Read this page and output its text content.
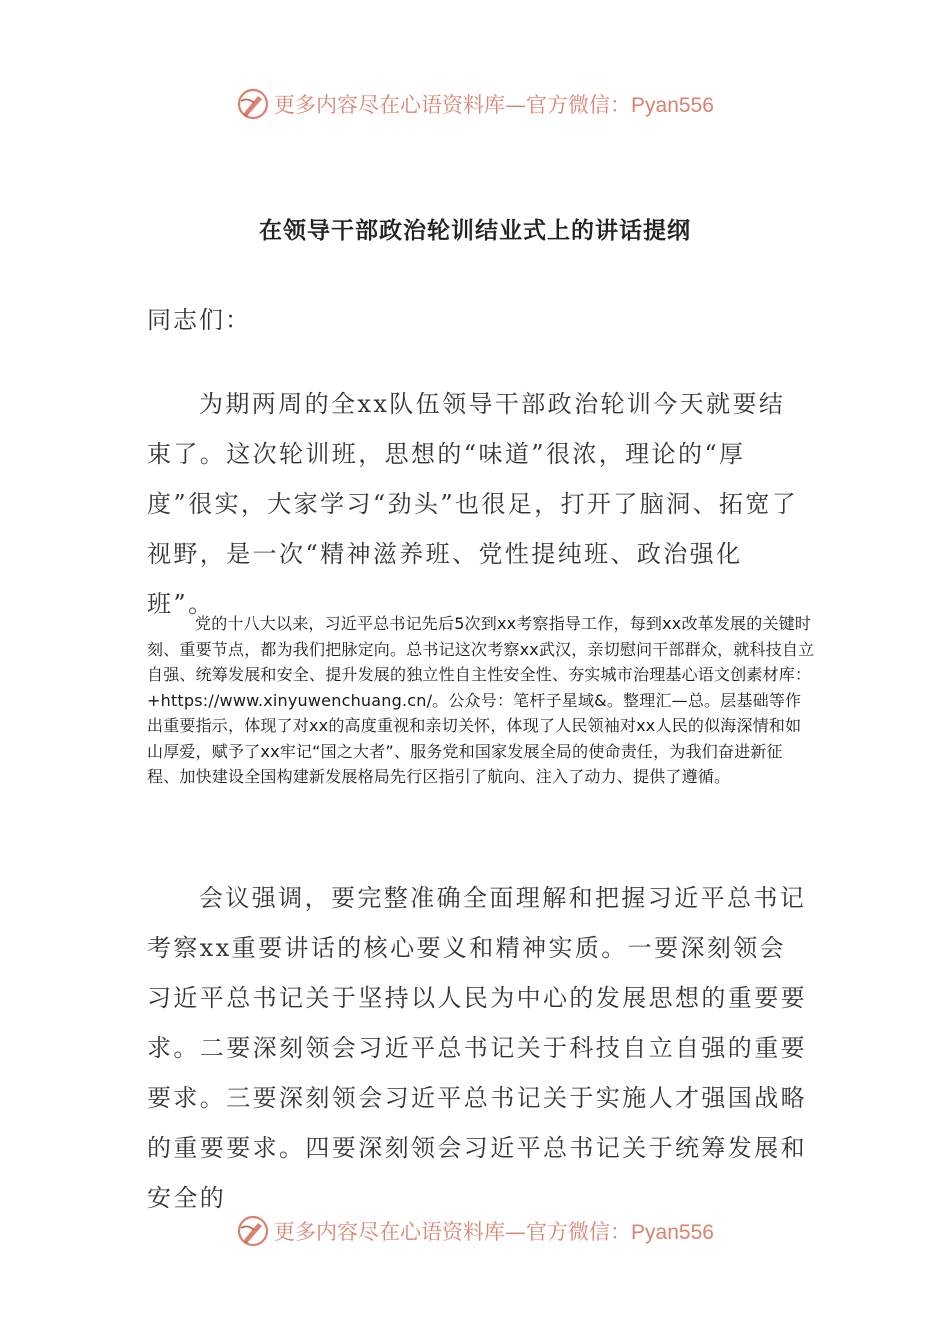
更多内容尽在心语资料库—官方微信：Pyan556
在领导干部政治轮训结业式上的讲话提纲
同志们：

为期两周的全xx队伍领导干部政治轮训今天就要结束了。这次轮训班，思想的“味道”很浓，理论的“厚度”很实，大家学习“劲头”也很足，打开了脑洞、拓宽了视野，是一次“精神滋养班、党性提纯班、政治强化班”。

党的十八大以来，习近平总书记先后5次到xx考察指导工作，每到xx改革发展的关键时刻、重要节点，都为我们把脉定向。总书记这次考察xx武汉，亲切慰问干部群众，就科技自立自强、统筹发展和安全、提升发展的独立性自主性安全性、夯实城市治理基心语文创素材库：+https://www.xinyuwenchuang.cn/。公众号：笔杆子星域&。整理汇—总。层基础等作出重要指示，体现了对xx的高度重视和亲切关怀，体现了人民领袖对xx人民的似海深情和如山厚爱，赋予了xx牢记“国之大者”、服务党和国家发展全局的使命责任，为我们奋进新征程、加快建设全国构建新发展格局先行区指引了航向、注入了动力、提供了遵循。

会议强调，要完整准确全面理解和把握习近平总书记考察xx重要讲话的核心要义和精神实质。一要深刻领会习近平总书记关于坚持以人民为中心的发展思想的重要要求。二要深刻领会习近平总书记关于科技自立自强的重要要求。三要深刻领会习近平总书记关于实施人才强国战略的重要要求。四要深刻领会习近平总书记关于统筹发展和安全的

更多内容尽在心语资料库—官方微信：Pyan556
